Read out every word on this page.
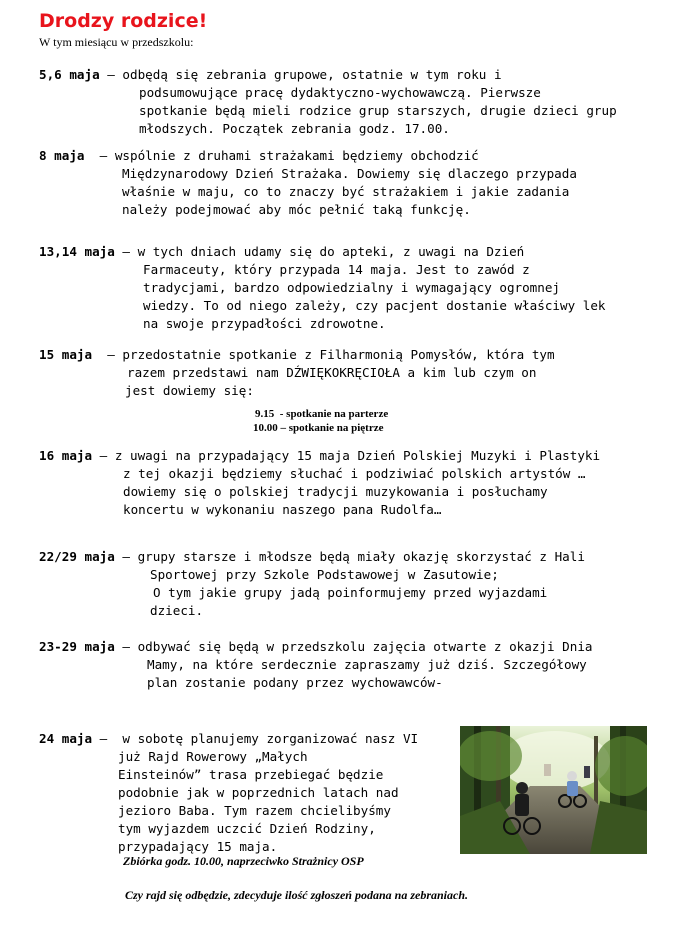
Drodzy rodzice!
W tym miesiącu w przedszkolu:
5,6 maja – odbędą się zebrania grupowe, ostatnie w tym roku i
podsumowujące pracę dydaktyczno-wychowawczą. Pierwsze
spotkanie będą mieli rodzice grup starszych, drugie dzieci grup
młodszych. Początek zebrania godz. 17.00.
8 maja  – wspólnie z druhami strażakami będziemy obchodzić
Międzynarodowy Dzień Strażaka. Dowiemy się dlaczego przypada
właśnie w maju, co to znaczy być strażakiem i jakie zadania
należy podejmować aby móc pełnić taką funkcję.
13,14 maja – w tych dniach udamy się do apteki, z uwagi na Dzień
Farmaceuty, który przypada 14 maja. Jest to zawód z
tradycjami, bardzo odpowiedzialny i wymagający ogromnej
wiedzy. To od niego zależy, czy pacjent dostanie właściwy lek
na swoje przypadłości zdrowotne.
15 maja  – przedostatnie spotkanie z Filharmonią Pomysłów, która tym
razem przedstawi nam DŹWIĘKOKRĘCIOŁA a kim lub czym on
jest dowiemy się:
9.15  - spotkanie na parterze
10.00 – spotkanie na piętrze
16 maja – z uwagi na przypadający 15 maja Dzień Polskiej Muzyki i Plastyki
z tej okazji będziemy słuchać i podziwiać polskich artystów …
dowiemy się o polskiej tradycji muzykowania i posłuchamy
koncertu w wykonaniu naszego pana Rudolfa…
22/29 maja – grupy starsze i młodsze będą miały okazję skorzystać z Hali
Sportowej przy Szkole Podstawowej w Zasutowie;
O tym jakie grupy jadą poinformujemy przed wyjazdami
dzieci.
23-29 maja – odbywać się będą w przedszkolu zajęcia otwarte z okazji Dnia
Mamy, na które serdecznie zapraszamy już dziś. Szczegółowy
plan zostanie podany przez wychowawców-
24 maja –  w sobotę planujemy zorganizować nasz VI
już Rajd Rowerowy „Małych
Einsteinów” trasa przebiegać będzie
podobnie jak w poprzednich latach nad
jezioro Baba. Tym razem chcielibyśmy
tym wyjazdem uczcić Dzień Rodziny,
przypadający 15 maja.
Zbiórka godz. 10.00, naprzeciwko Strażnicy OSP
Czy rajd się odbędzie, zdecyduje ilość zgłoszeń podana na zebraniach.
